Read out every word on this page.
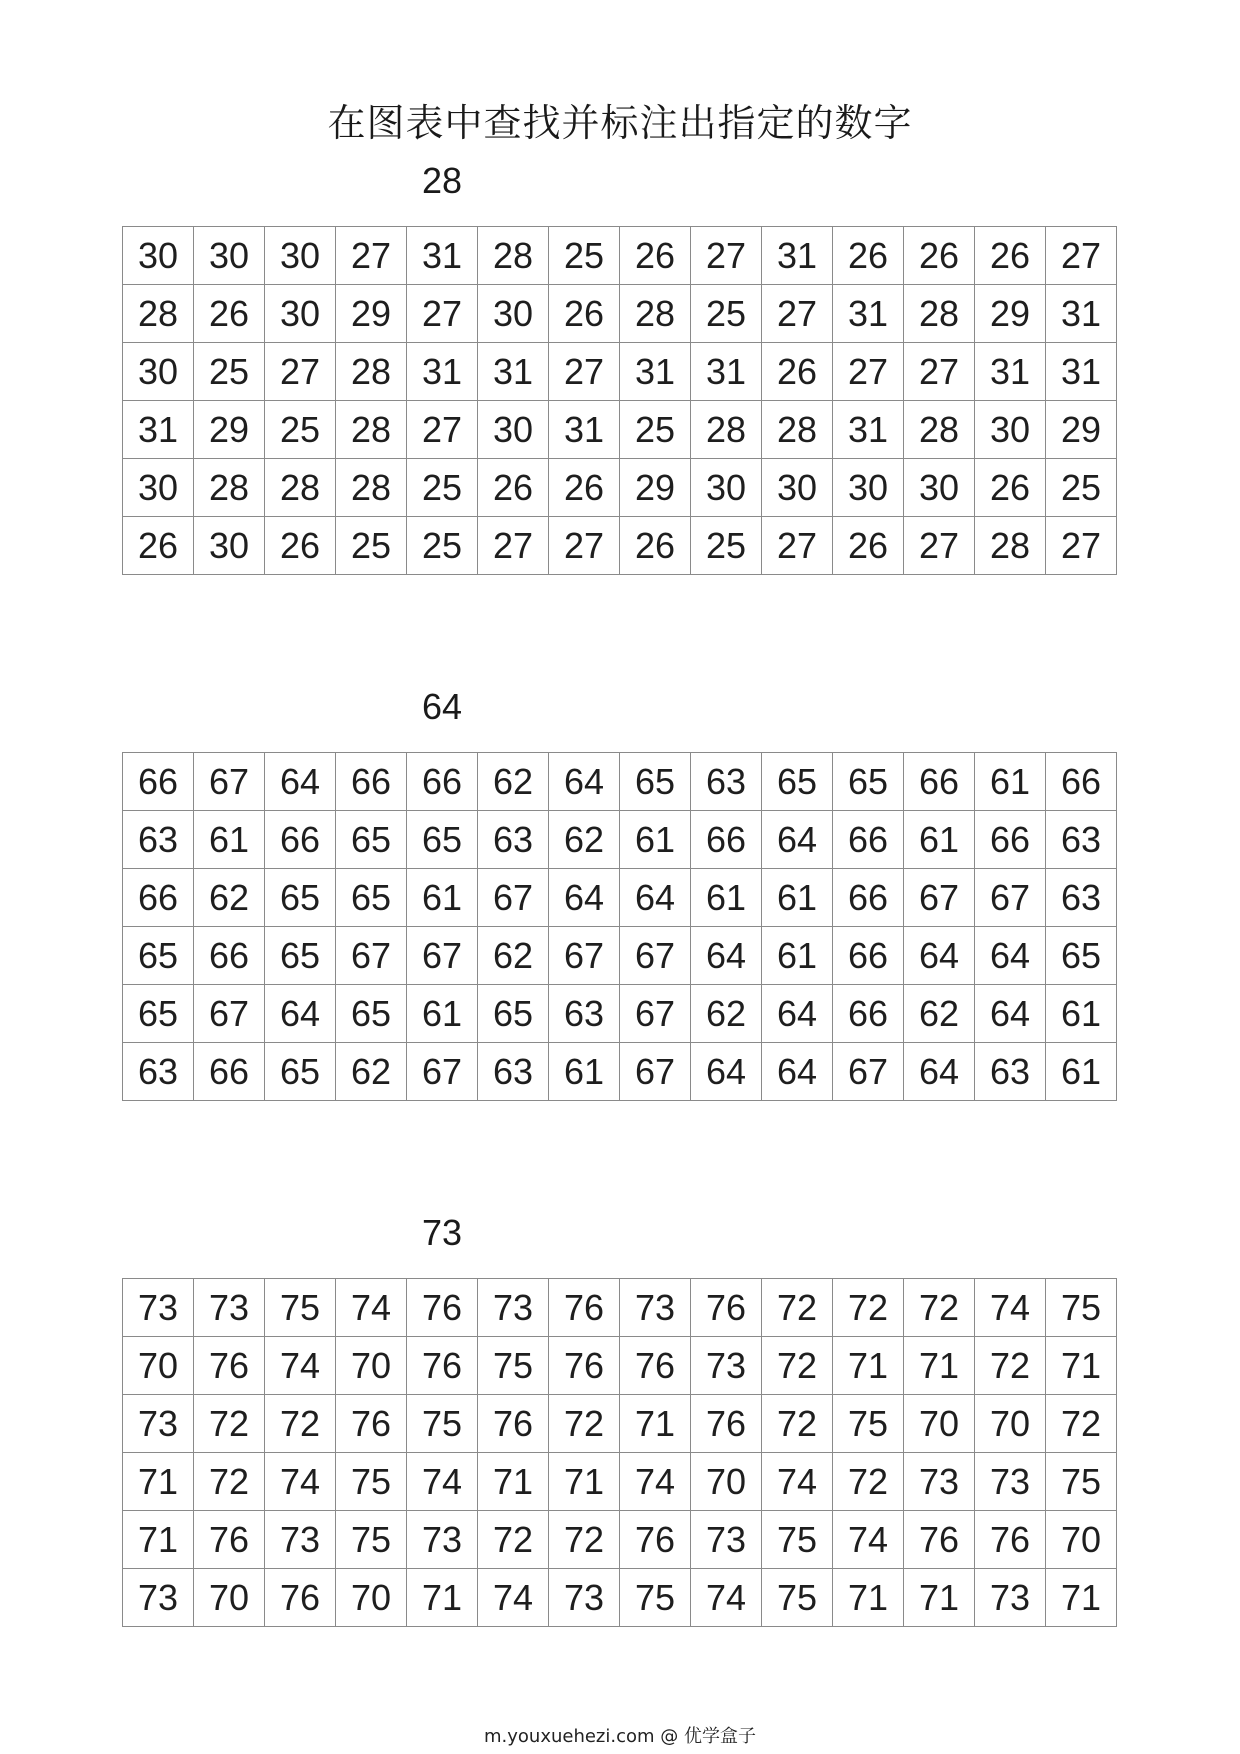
在图表中查找并标注出指定的数字
28
30	30	30	27	31	28	25	26	27	31	26	26	26	27
28	26	30	29	27	30	26	28	25	27	31	28	29	31
30	25	27	28	31	31	27	31	31	26	27	27	31	31
31	29	25	28	27	30	31	25	28	28	31	28	30	29
30	28	28	28	25	26	26	29	30	30	30	30	26	25
26	30	26	25	25	27	27	26	25	27	26	27	28	27
64
66	67	64	66	66	62	64	65	63	65	65	66	61	66
63	61	66	65	65	63	62	61	66	64	66	61	66	63
66	62	65	65	61	67	64	64	61	61	66	67	67	63
65	66	65	67	67	62	67	67	64	61	66	64	64	65
65	67	64	65	61	65	63	67	62	64	66	62	64	61
63	66	65	62	67	63	61	67	64	64	67	64	63	61
73
73	73	75	74	76	73	76	73	76	72	72	72	74	75
70	76	74	70	76	75	76	76	73	72	71	71	72	71
73	72	72	76	75	76	72	71	76	72	75	70	70	72
71	72	74	75	74	71	71	74	70	74	72	73	73	75
71	76	73	75	73	72	72	76	73	75	74	76	76	70
73	70	76	70	71	74	73	75	74	75	71	71	73	71
m.youxuehezi.com @ 优学盒子
